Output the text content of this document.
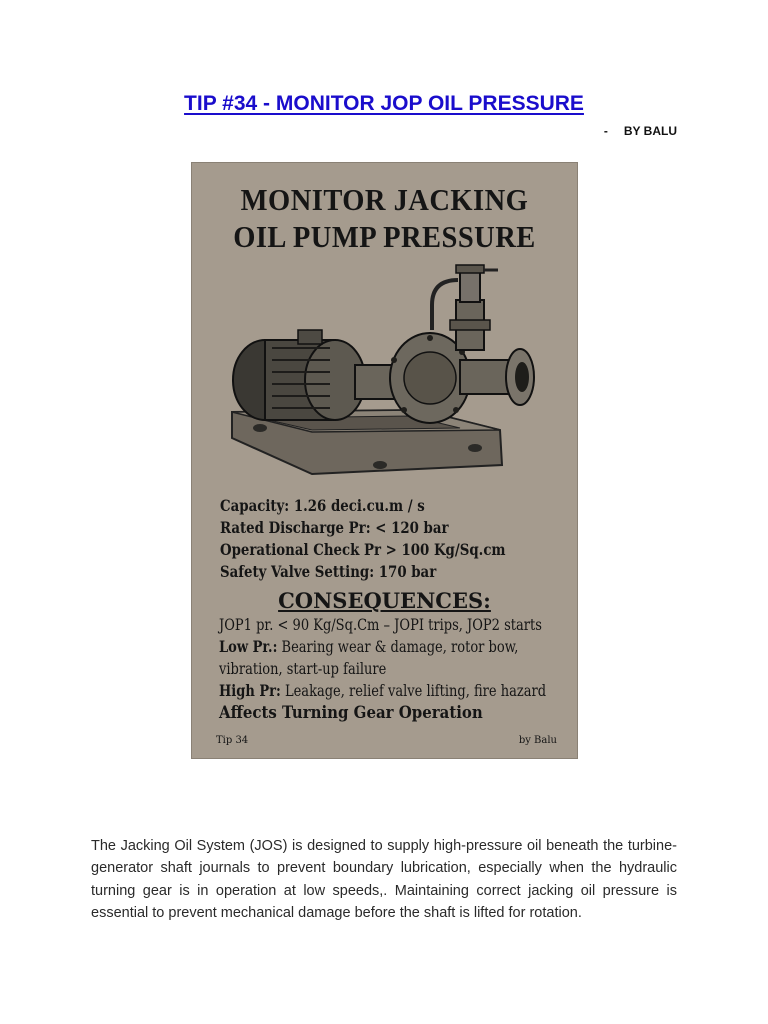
TIP #34 - MONITOR JOP OIL PRESSURE
- BY BALU
MONITOR JACKING
OIL PUMP PRESSURE
Capacity: 1.26 deci.cu.m / s
Rated Discharge Pr: < 120 bar
Operational Check Pr > 100 Kg/Sq.cm
Safety Valve Setting: 170 bar
CONSEQUENCES:
JOP1 pr. < 90 Kg/Sq.Cm – JOPI trips, JOP2 starts
Low Pr.: Bearing wear & damage, rotor bow,
vibration, start-up failure
High Pr: Leakage, relief valve lifting, fire hazard
Affects Turning Gear Operation
Tip 34	by Balu

The Jacking Oil System (JOS) is designed to supply high-pressure oil beneath the turbine-generator shaft journals to prevent boundary lubrication, especially when the hydraulic turning gear is in operation at low speeds,. Maintaining correct jacking oil pressure is essential to prevent mechanical damage before the shaft is lifted for rotation.
